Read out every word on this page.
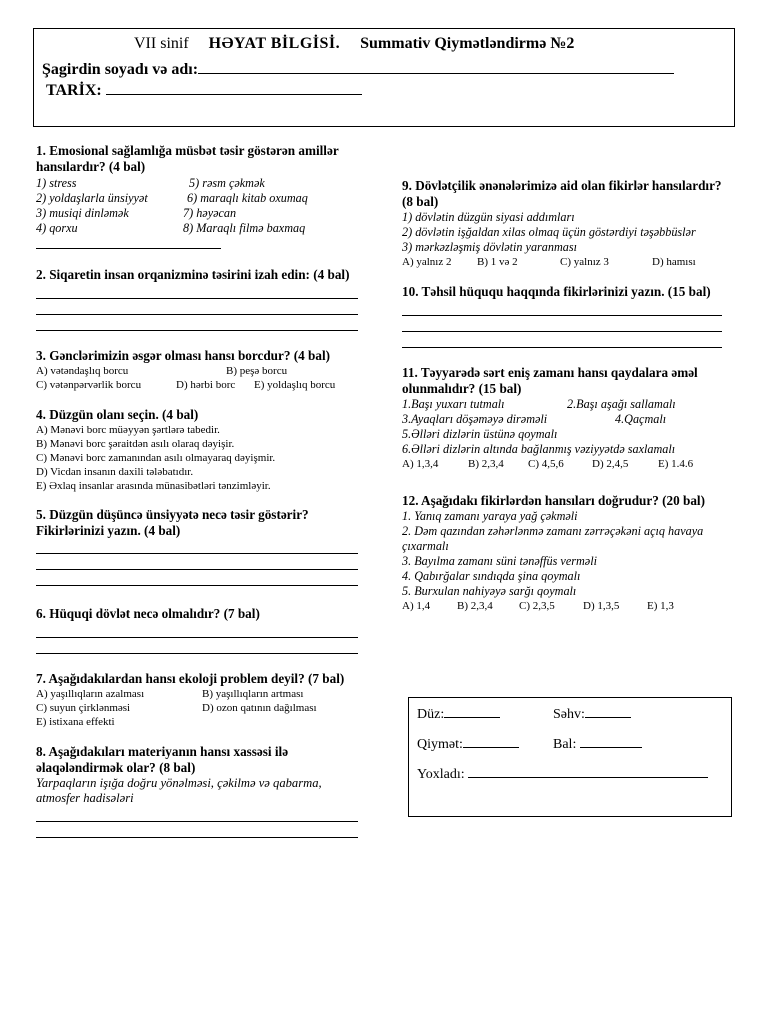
VII sinif HƏYAT BİLGİSİ. Summativ Qiymətləndirmə №2
Şagirdin soyadı və adı:
TARİX:
1. Emosional sağlamlığa müsbət təsir göstərən amillər hansılardır? (4 bal)
1) stress	5) rəsm çəkmək
2) yoldaşlarla ünsiyyət	6) maraqlı kitab oxumaq
3) musiqi dinləmək	7) həyəcan
4) qorxu	8) Maraqlı filmə baxmaq
2. Siqaretin insan orqanizminə təsirini izah edin: (4 bal)
3. Gənclərimizin əsgər olması hansı borcdur? (4 bal)
A) vətəndaşlıq borcu	B) peşə borcu
C) vətənpərvərlik borcu	D) hərbi borc	E) yoldaşlıq borcu
4. Düzgün olanı seçin. (4 bal)
A) Mənəvi borc müəyyən şərtlərə tabedir.
B) Mənəvi borc şəraitdən asılı olaraq dəyişir.
C) Mənəvi borc zamanından asılı olmayaraq dəyişmir.
D) Vicdan insanın daxili tələbatıdır.
E) Əxlaq insanlar arasında münasibətləri tənzimləyir.
5. Düzgün düşüncə ünsiyyətə necə təsir göstərir? Fikirlərinizi yazın. (4 bal)
6. Hüquqi dövlət necə olmalıdır? (7 bal)
7. Aşağıdakılardan hansı ekoloji problem deyil? (7 bal)
A) yaşıllıqların azalması	B) yaşıllıqların artması
C) suyun çirklənməsi	D) ozon qatının dağılması
E) istixana effekti
8. Aşağıdakıları materiyanın hansı xassəsi ilə əlaqələndirmək olar? (8 bal)
Yarpaqların işığa doğru yönəlməsi, çəkilmə və qabarma, atmosfer hadisələri
9. Dövlətçilik ənənələrimizə aid olan fikirlər hansılardır? (8 bal)
1) dövlətin düzgün siyasi addımları
2) dövlətin işğaldan xilas olmaq üçün göstərdiyi təşəbbüslər
3) mərkəzləşmiş dövlətin yaranması
A) yalnız 2	B) 1 və 2	C) yalnız 3	D) hamısı
10. Təhsil hüququ haqqında fikirlərinizi yazın. (15 bal)
11. Təyyarədə sərt eniş zamanı hansı qaydalara əməl olunmalıdır? (15 bal)
1.Başı yuxarı tutmalı	2.Başı aşağı sallamalı
3.Ayaqları döşəməyə dirəməli	4.Qaçmalı
5.Əlləri dizlərin üstünə qoymalı
6.Əlləri dizlərin altında bağlanmış vəziyyətdə saxlamalı
A) 1,3,4	B) 2,3,4	C) 4,5,6	D) 2,4,5	E) 1.4.6
12. Aşağıdakı fikirlərdən hansıları doğrudur? (20 bal)
1. Yanıq zamanı yaraya yağ çəkməli
2. Dəm qazından zəhərlənmə zamanı zərrəçəkəni açıq havaya çıxarmalı
3. Bayılma zamanı süni tənəffüs verməli
4. Qabırğalar sındıqda şina qoymalı
5. Burxulan nahiyəyə sarğı qoymalı
A) 1,4	B) 2,3,4	C) 2,3,5	D) 1,3,5	E) 1,3
Düz:	Səhv:
Qiymət:	Bal:
Yoxladı:
